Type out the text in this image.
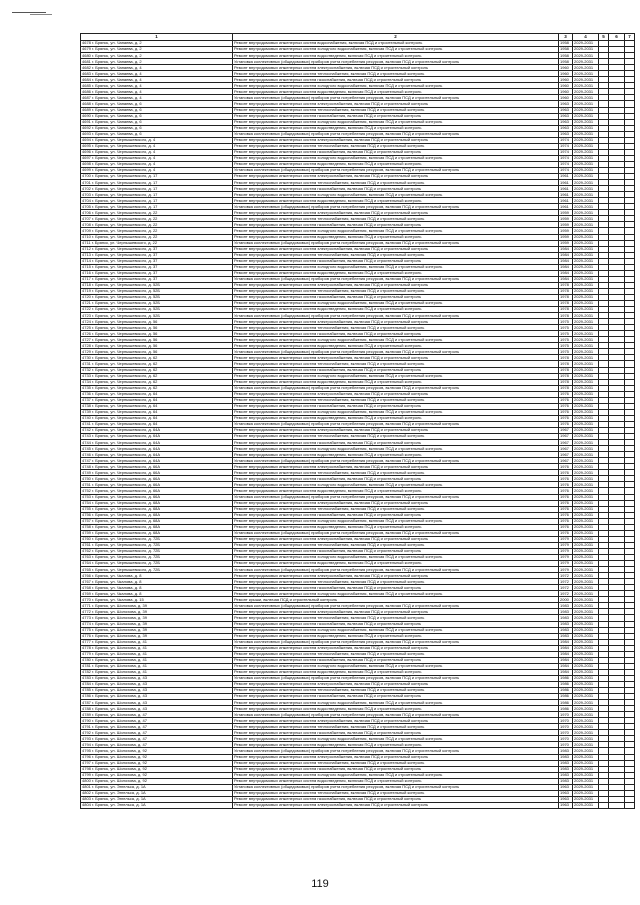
1	2	3	4	5	6	7
4678 г. Брянск, ул. Чапаева, д. 2	Ремонт внутридомовых инженерных систем водоснабжения, включая ПСД и строительный контроль	1958	2029-2031			
4679 г. Брянск, ул. Чапаева, д. 2	Ремонт внутридомовых инженерных систем холодного водоснабжения, включая ПСД и строительный контроль	1958	2029-2031			
4680 г. Брянск, ул. Чапаева, д. 2	Ремонт внутридомовых инженерных систем водоотведения, включая ПСД и строительный контроль	1958	2029-2031			
4681 г. Брянск, ул. Чапаева, д. 2	Установка коллективных (общедомовых) приборов учета потребления ресурсов, включая ПСД и строительный контроль	1958	2029-2031			
4682 г. Брянск, ул. Чапаева, д. 4	Ремонт внутридомовых инженерных систем электроснабжения, включая ПСД и строительный контроль	1960	2029-2031			
4683 г. Брянск, ул. Чапаева, д. 4	Ремонт внутридомовых инженерных систем теплоснабжения, включая ПСД и строительный контроль	1960	2029-2031			
4684 г. Брянск, ул. Чапаева, д. 4	Ремонт внутридомовых инженерных систем газоснабжения, включая ПСД и строительный контроль	1960	2029-2031			
4685 г. Брянск, ул. Чапаева, д. 4	Ремонт внутридомовых инженерных систем холодного водоснабжения, включая ПСД и строительный контроль	1960	2029-2031			
4686 г. Брянск, ул. Чапаева, д. 4	Ремонт внутридомовых инженерных систем водоотведения, включая ПСД и строительный контроль	1960	2029-2031			
4687 г. Брянск, ул. Чапаева, д. 4	Установка коллективных (общедомовых) приборов учета потребления ресурсов, включая ПСД и строительный контроль	1960	2029-2031			
4688 г. Брянск, ул. Чапаева, д. 6	Ремонт внутридомовых инженерных систем электроснабжения, включая ПСД и строительный контроль	1963	2029-2031			
4689 г. Брянск, ул. Чапаева, д. 6	Ремонт внутридомовых инженерных систем теплоснабжения, включая ПСД и строительный контроль	1963	2029-2031			
4690 г. Брянск, ул. Чапаева, д. 6	Ремонт внутридомовых инженерных систем газоснабжения, включая ПСД и строительный контроль	1963	2029-2031			
4691 г. Брянск, ул. Чапаева, д. 6	Ремонт внутридомовых инженерных систем холодного водоснабжения, включая ПСД и строительный контроль	1963	2029-2031			
4692 г. Брянск, ул. Чапаева, д. 6	Ремонт внутридомовых инженерных систем водоотведения, включая ПСД и строительный контроль	1963	2029-2031			
4693 г. Брянск, ул. Чапаева, д. 6	Установка коллективных (общедомовых) приборов учета потребления ресурсов, включая ПСД и строительный контроль	1963	2029-2031			
4694 г. Брянск, ул. Чернышевского, д. 4	Ремонт внутридомовых инженерных систем электроснабжения, включая ПСД и строительный контроль	1974	2029-2031			
4695 г. Брянск, ул. Чернышевского, д. 4	Ремонт внутридомовых инженерных систем теплоснабжения, включая ПСД и строительный контроль	1974	2029-2031			
4696 г. Брянск, ул. Чернышевского, д. 4	Ремонт внутридомовых инженерных систем газоснабжения, включая ПСД и строительный контроль	1974	2029-2031			
4697 г. Брянск, ул. Чернышевского, д. 4	Ремонт внутридомовых инженерных систем холодного водоснабжения, включая ПСД и строительный контроль	1974	2029-2031			
4698 г. Брянск, ул. Чернышевского, д. 4	Ремонт внутридомовых инженерных систем водоотведения, включая ПСД и строительный контроль	1974	2029-2031			
4699 г. Брянск, ул. Чернышевского, д. 4	Установка коллективных (общедомовых) приборов учета потребления ресурсов, включая ПСД и строительный контроль	1974	2029-2031			
4700 г. Брянск, ул. Чернышевского, д. 17	Ремонт внутридомовых инженерных систем электроснабжения, включая ПСД и строительный контроль	1961	2029-2031			
4701 г. Брянск, ул. Чернышевского, д. 17	Ремонт внутридомовых инженерных систем теплоснабжения, включая ПСД и строительный контроль	1961	2029-2031			
4702 г. Брянск, ул. Чернышевского, д. 17	Ремонт внутридомовых инженерных систем газоснабжения, включая ПСД и строительный контроль	1961	2029-2031			
4703 г. Брянск, ул. Чернышевского, д. 17	Ремонт внутридомовых инженерных систем холодного водоснабжения, включая ПСД и строительный контроль	1961	2029-2031			
4704 г. Брянск, ул. Чернышевского, д. 17	Ремонт внутридомовых инженерных систем водоотведения, включая ПСД и строительный контроль	1961	2029-2031			
4705 г. Брянск, ул. Чернышевского, д. 17	Установка коллективных (общедомовых) приборов учета потребления ресурсов, включая ПСД и строительный контроль	1961	2029-2031			
4706 г. Брянск, ул. Чернышевского, д. 22	Ремонт внутридомовых инженерных систем электроснабжения, включая ПСД и строительный контроль	1959	2029-2031			
4707 г. Брянск, ул. Чернышевского, д. 22	Ремонт внутридомовых инженерных систем теплоснабжения, включая ПСД и строительный контроль	1959	2029-2031			
4708 г. Брянск, ул. Чернышевского, д. 22	Ремонт внутридомовых инженерных систем газоснабжения, включая ПСД и строительный контроль	1959	2029-2031			
4709 г. Брянск, ул. Чернышевского, д. 22	Ремонт внутридомовых инженерных систем холодного водоснабжения, включая ПСД и строительный контроль	1959	2029-2031			
4710 г. Брянск, ул. Чернышевского, д. 22	Ремонт внутридомовых инженерных систем водоотведения, включая ПСД и строительный контроль	1959	2029-2031			
4711 г. Брянск, ул. Чернышевского, д. 22	Установка коллективных (общедомовых) приборов учета потребления ресурсов, включая ПСД и строительный контроль	1959	2029-2031			
4712 г. Брянск, ул. Чернышевского, д. 37	Ремонт внутридомовых инженерных систем электроснабжения, включая ПСД и строительный контроль	1984	2029-2031			
4713 г. Брянск, ул. Чернышевского, д. 37	Ремонт внутридомовых инженерных систем теплоснабжения, включая ПСД и строительный контроль	1984	2029-2031			
4714 г. Брянск, ул. Чернышевского, д. 37	Ремонт внутридомовых инженерных систем газоснабжения, включая ПСД и строительный контроль	1984	2029-2031			
4715 г. Брянск, ул. Чернышевского, д. 37	Ремонт внутридомовых инженерных систем холодного водоснабжения, включая ПСД и строительный контроль	1984	2029-2031			
4716 г. Брянск, ул. Чернышевского, д. 37	Ремонт внутридомовых инженерных систем водоотведения, включая ПСД и строительный контроль	1984	2029-2031			
4717 г. Брянск, ул. Чернышевского, д. 37	Установка коллективных (общедомовых) приборов учета потребления ресурсов, включая ПСД и строительный контроль	1984	2029-2031			
4718 г. Брянск, ул. Чернышевского, д. 52Б	Ремонт внутридомовых инженерных систем электроснабжения, включая ПСД и строительный контроль	1978	2029-2031			
4719 г. Брянск, ул. Чернышевского, д. 52Б	Ремонт внутридомовых инженерных систем теплоснабжения, включая ПСД и строительный контроль	1978	2029-2031			
4720 г. Брянск, ул. Чернышевского, д. 52Б	Ремонт внутридомовых инженерных систем газоснабжения, включая ПСД и строительный контроль	1978	2029-2031			
4721 г. Брянск, ул. Чернышевского, д. 52Б	Ремонт внутридомовых инженерных систем холодного водоснабжения, включая ПСД и строительный контроль	1978	2029-2031			
4722 г. Брянск, ул. Чернышевского, д. 52Б	Ремонт внутридомовых инженерных систем водоотведения, включая ПСД и строительный контроль	1978	2029-2031			
4723 г. Брянск, ул. Чернышевского, д. 52Б	Установка коллективных (общедомовых) приборов учета потребления ресурсов, включая ПСД и строительный контроль	1978	2029-2031			
4724 г. Брянск, ул. Чернышевского, д. 56	Ремонт внутридомовых инженерных систем электроснабжения, включая ПСД и строительный контроль	1975	2029-2031			
4725 г. Брянск, ул. Чернышевского, д. 56	Ремонт внутридомовых инженерных систем теплоснабжения, включая ПСД и строительный контроль	1975	2029-2031			
4726 г. Брянск, ул. Чернышевского, д. 56	Ремонт внутридомовых инженерных систем газоснабжения, включая ПСД и строительный контроль	1975	2029-2031			
4727 г. Брянск, ул. Чернышевского, д. 56	Ремонт внутридомовых инженерных систем холодного водоснабжения, включая ПСД и строительный контроль	1975	2029-2031			
4728 г. Брянск, ул. Чернышевского, д. 56	Ремонт внутридомовых инженерных систем водоотведения, включая ПСД и строительный контроль	1975	2029-2031			
4729 г. Брянск, ул. Чернышевского, д. 56	Установка коллективных (общедомовых) приборов учета потребления ресурсов, включая ПСД и строительный контроль	1975	2029-2031			
4730 г. Брянск, ул. Чернышевского, д. 62	Ремонт внутридомовых инженерных систем электроснабжения, включая ПСД и строительный контроль	1978	2029-2031			
4731 г. Брянск, ул. Чернышевского, д. 62	Ремонт внутридомовых инженерных систем теплоснабжения, включая ПСД и строительный контроль	1978	2029-2031			
4732 г. Брянск, ул. Чернышевского, д. 62	Ремонт внутридомовых инженерных систем газоснабжения, включая ПСД и строительный контроль	1978	2029-2031			
4733 г. Брянск, ул. Чернышевского, д. 62	Ремонт внутридомовых инженерных систем холодного водоснабжения, включая ПСД и строительный контроль	1978	2029-2031			
4734 г. Брянск, ул. Чернышевского, д. 62	Ремонт внутридомовых инженерных систем водоотведения, включая ПСД и строительный контроль	1978	2029-2031			
4735 г. Брянск, ул. Чернышевского, д. 62	Установка коллективных (общедомовых) приборов учета потребления ресурсов, включая ПСД и строительный контроль	1978	2029-2031			
4736 г. Брянск, ул. Чернышевского, д. 64	Ремонт внутридомовых инженерных систем электроснабжения, включая ПСД и строительный контроль	1976	2029-2031			
4737 г. Брянск, ул. Чернышевского, д. 64	Ремонт внутридомовых инженерных систем теплоснабжения, включая ПСД и строительный контроль	1976	2029-2031			
4738 г. Брянск, ул. Чернышевского, д. 64	Ремонт внутридомовых инженерных систем газоснабжения, включая ПСД и строительный контроль	1976	2029-2031			
4739 г. Брянск, ул. Чернышевского, д. 64	Ремонт внутридомовых инженерных систем холодного водоснабжения, включая ПСД и строительный контроль	1976	2029-2031			
4740 г. Брянск, ул. Чернышевского, д. 64	Ремонт внутридомовых инженерных систем водоотведения, включая ПСД и строительный контроль	1976	2029-2031			
4741 г. Брянск, ул. Чернышевского, д. 64	Установка коллективных (общедомовых) приборов учета потребления ресурсов, включая ПСД и строительный контроль	1976	2029-2031			
4742 г. Брянск, ул. Чернышевского, д. 64А	Ремонт внутридомовых инженерных систем электроснабжения, включая ПСД и строительный контроль	1967	2029-2031			
4743 г. Брянск, ул. Чернышевского, д. 64А	Ремонт внутридомовых инженерных систем теплоснабжения, включая ПСД и строительный контроль	1967	2029-2031			
4744 г. Брянск, ул. Чернышевского, д. 64А	Ремонт внутридомовых инженерных систем газоснабжения, включая ПСД и строительный контроль	1967	2029-2031			
4745 г. Брянск, ул. Чернышевского, д. 64А	Ремонт внутридомовых инженерных систем холодного водоснабжения, включая ПСД и строительный контроль	1967	2029-2031			
4746 г. Брянск, ул. Чернышевского, д. 64А	Ремонт внутридомовых инженерных систем водоотведения, включая ПСД и строительный контроль	1967	2029-2031			
4747 г. Брянск, ул. Чернышевского, д. 64А	Установка коллективных (общедомовых) приборов учета потребления ресурсов, включая ПСД и строительный контроль	1967	2029-2031			
4748 г. Брянск, ул. Чернышевского, д. 66А	Ремонт внутридомовых инженерных систем электроснабжения, включая ПСД и строительный контроль	1976	2029-2031			
4749 г. Брянск, ул. Чернышевского, д. 66А	Ремонт внутридомовых инженерных систем теплоснабжения, включая ПСД и строительный контроль	1976	2029-2031			
4750 г. Брянск, ул. Чернышевского, д. 66А	Ремонт внутридомовых инженерных систем газоснабжения, включая ПСД и строительный контроль	1976	2029-2031			
4751 г. Брянск, ул. Чернышевского, д. 66А	Ремонт внутридомовых инженерных систем холодного водоснабжения, включая ПСД и строительный контроль	1976	2029-2031			
4752 г. Брянск, ул. Чернышевского, д. 66А	Ремонт внутридомовых инженерных систем водоотведения, включая ПСД и строительный контроль	1976	2029-2031			
4753 г. Брянск, ул. Чернышевского, д. 66А	Установка коллективных (общедомовых) приборов учета потребления ресурсов, включая ПСД и строительный контроль	1976	2029-2031			
4754 г. Брянск, ул. Чернышевского, д. 68А	Ремонт внутридомовых инженерных систем электроснабжения, включая ПСД и строительный контроль	1976	2029-2031			
4755 г. Брянск, ул. Чернышевского, д. 68А	Ремонт внутридомовых инженерных систем теплоснабжения, включая ПСД и строительный контроль	1976	2029-2031			
4756 г. Брянск, ул. Чернышевского, д. 68А	Ремонт внутридомовых инженерных систем газоснабжения, включая ПСД и строительный контроль	1976	2029-2031			
4757 г. Брянск, ул. Чернышевского, д. 68А	Ремонт внутридомовых инженерных систем холодного водоснабжения, включая ПСД и строительный контроль	1976	2029-2031			
4758 г. Брянск, ул. Чернышевского, д. 68А	Ремонт внутридомовых инженерных систем водоотведения, включая ПСД и строительный контроль	1976	2029-2031			
4759 г. Брянск, ул. Чернышевского, д. 68А	Установка коллективных (общедомовых) приборов учета потребления ресурсов, включая ПСД и строительный контроль	1976	2029-2031			
4760 г. Брянск, ул. Чернышевского, д. 72Б	Ремонт внутридомовых инженерных систем электроснабжения, включая ПСД и строительный контроль	1979	2029-2031			
4761 г. Брянск, ул. Чернышевского, д. 72Б	Ремонт внутридомовых инженерных систем теплоснабжения, включая ПСД и строительный контроль	1979	2029-2031			
4762 г. Брянск, ул. Чернышевского, д. 72Б	Ремонт внутридомовых инженерных систем газоснабжения, включая ПСД и строительный контроль	1979	2029-2031			
4763 г. Брянск, ул. Чернышевского, д. 72Б	Ремонт внутридомовых инженерных систем холодного водоснабжения, включая ПСД и строительный контроль	1979	2029-2031			
4764 г. Брянск, ул. Чернышевского, д. 72Б	Ремонт внутридомовых инженерных систем водоотведения, включая ПСД и строительный контроль	1979	2029-2031			
4765 г. Брянск, ул. Чернышевского, д. 72Б	Установка коллективных (общедомовых) приборов учета потребления ресурсов, включая ПСД и строительный контроль	1979	2029-2031			
4766 г. Брянск, ул. Чкалова, д. 8	Ремонт внутридомовых инженерных систем электроснабжения, включая ПСД и строительный контроль	1972	2029-2031			
4767 г. Брянск, ул. Чкалова, д. 8	Ремонт внутридомовых инженерных систем теплоснабжения, включая ПСД и строительный контроль	1972	2029-2031			
4768 г. Брянск, ул. Чкалова, д. 8	Ремонт внутридомовых инженерных систем газоснабжения, включая ПСД и строительный контроль	1972	2029-2031			
4769 г. Брянск, ул. Чкалова, д. 8	Ремонт внутридомовых инженерных систем холодного водоснабжения, включая ПСД и строительный контроль	1972	2029-2031			
4770 г. Брянск, ул. Чкалова, д. 15	Ремонт крыши, включая ПСД и строительный контроль	2000	2029-2031			
4771 г. Брянск, ул. Шолохова, д. 39	Установка коллективных (общедомовых) приборов учета потребления ресурсов, включая ПСД и строительный контроль	1983	2029-2031			
4772 г. Брянск, ул. Шолохова, д. 39	Ремонт внутридомовых инженерных систем электроснабжения, включая ПСД и строительный контроль	1983	2029-2031			
4773 г. Брянск, ул. Шолохова, д. 39	Ремонт внутридомовых инженерных систем теплоснабжения, включая ПСД и строительный контроль	1983	2029-2031			
4774 г. Брянск, ул. Шолохова, д. 39	Ремонт внутридомовых инженерных систем газоснабжения, включая ПСД и строительный контроль	1983	2029-2031			
4775 г. Брянск, ул. Шолохова, д. 39	Ремонт внутридомовых инженерных систем холодного водоснабжения, включая ПСД и строительный контроль	1983	2029-2031			
4776 г. Брянск, ул. Шолохова, д. 39	Ремонт внутридомовых инженерных систем водоотведения, включая ПСД и строительный контроль	1983	2029-2031			
4777 г. Брянск, ул. Шолохова, д. 41	Установка коллективных (общедомовых) приборов учета потребления ресурсов, включая ПСД и строительный контроль	1984	2029-2031			
4778 г. Брянск, ул. Шолохова, д. 41	Ремонт внутридомовых инженерных систем электроснабжения, включая ПСД и строительный контроль	1984	2029-2031			
4779 г. Брянск, ул. Шолохова, д. 41	Ремонт внутридомовых инженерных систем теплоснабжения, включая ПСД и строительный контроль	1984	2029-2031			
4780 г. Брянск, ул. Шолохова, д. 41	Ремонт внутридомовых инженерных систем газоснабжения, включая ПСД и строительный контроль	1984	2029-2031			
4781 г. Брянск, ул. Шолохова, д. 41	Ремонт внутридомовых инженерных систем холодного водоснабжения, включая ПСД и строительный контроль	1984	2029-2031			
4782 г. Брянск, ул. Шолохова, д. 41	Ремонт внутридомовых инженерных систем водоотведения, включая ПСД и строительный контроль	1984	2029-2031			
4783 г. Брянск, ул. Шолохова, д. 43	Установка коллективных (общедомовых) приборов учета потребления ресурсов, включая ПСД и строительный контроль	1986	2029-2031			
4784 г. Брянск, ул. Шолохова, д. 43	Ремонт внутридомовых инженерных систем электроснабжения, включая ПСД и строительный контроль	1986	2029-2031			
4785 г. Брянск, ул. Шолохова, д. 43	Ремонт внутридомовых инженерных систем теплоснабжения, включая ПСД и строительный контроль	1986	2029-2031			
4786 г. Брянск, ул. Шолохова, д. 43	Ремонт внутридомовых инженерных систем газоснабжения, включая ПСД и строительный контроль	1986	2029-2031			
4787 г. Брянск, ул. Шолохова, д. 43	Ремонт внутридомовых инженерных систем холодного водоснабжения, включая ПСД и строительный контроль	1986	2029-2031			
4788 г. Брянск, ул. Шолохова, д. 43	Ремонт внутридомовых инженерных систем водоотведения, включая ПСД и строительный контроль	1986	2029-2031			
4789 г. Брянск, ул. Шолохова, д. 47	Установка коллективных (общедомовых) приборов учета потребления ресурсов, включая ПСД и строительный контроль	1970	2029-2031			
4790 г. Брянск, ул. Шолохова, д. 47	Ремонт внутридомовых инженерных систем электроснабжения, включая ПСД и строительный контроль	1970	2029-2031			
4791 г. Брянск, ул. Шолохова, д. 47	Ремонт внутридомовых инженерных систем теплоснабжения, включая ПСД и строительный контроль	1970	2029-2031			
4792 г. Брянск, ул. Шолохова, д. 47	Ремонт внутридомовых инженерных систем газоснабжения, включая ПСД и строительный контроль	1970	2029-2031			
4793 г. Брянск, ул. Шолохова, д. 47	Ремонт внутридомовых инженерных систем холодного водоснабжения, включая ПСД и строительный контроль	1970	2029-2031			
4794 г. Брянск, ул. Шолохова, д. 47	Ремонт внутридомовых инженерных систем водоотведения, включая ПСД и строительный контроль	1970	2029-2031			
4795 г. Брянск, ул. Шолохова, д. 92	Установка коллективных (общедомовых) приборов учета потребления ресурсов, включая ПСД и строительный контроль	1983	2029-2031			
4796 г. Брянск, ул. Шолохова, д. 92	Ремонт внутридомовых инженерных систем электроснабжения, включая ПСД и строительный контроль	1983	2029-2031			
4797 г. Брянск, ул. Шолохова, д. 92	Ремонт внутридомовых инженерных систем теплоснабжения, включая ПСД и строительный контроль	1983	2029-2031			
4798 г. Брянск, ул. Шолохова, д. 92	Ремонт внутридомовых инженерных систем газоснабжения, включая ПСД и строительный контроль	1983	2029-2031			
4799 г. Брянск, ул. Шолохова, д. 92	Ремонт внутридомовых инженерных систем холодного водоснабжения, включая ПСД и строительный контроль	1983	2029-2031			
4800 г. Брянск, ул. Шолохова, д. 92	Ремонт внутридомовых инженерных систем водоотведения, включая ПСД и строительный контроль	1983	2029-2031			
4801 г. Брянск, ул. Энгельса, д. 1А	Установка коллективных (общедомовых) приборов учета потребления ресурсов, включая ПСД и строительный контроль	1963	2029-2031			
4802 г. Брянск, ул. Энгельса, д. 1А	Ремонт внутридомовых инженерных систем теплоснабжения, включая ПСД и строительный контроль	1963	2029-2031			
4803 г. Брянск, ул. Энгельса, д. 1А	Ремонт внутридомовых инженерных систем газоснабжения, включая ПСД и строительный контроль	1963	2029-2031			
4804 г. Брянск, ул. Энгельса, д. 1А	Ремонт внутридомовых инженерных систем электроснабжения, включая ПСД и строительный контроль	1963	2029-2031			
119
